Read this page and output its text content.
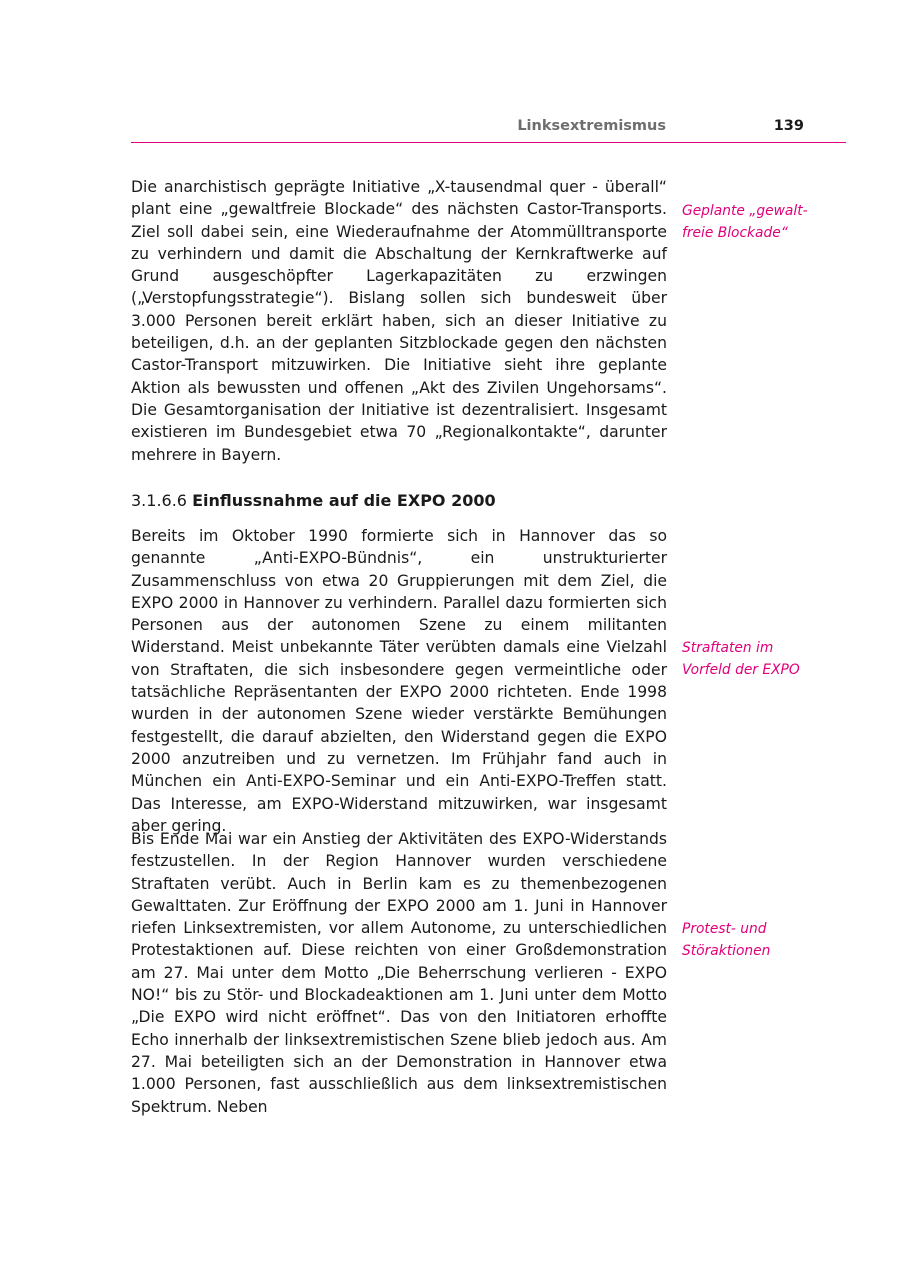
Linksextremismus	139

Die anarchistisch geprägte Initiative „X-tausendmal quer - überall“ plant eine „gewaltfreie Blockade“ des nächsten Castor-Transports. Ziel soll dabei sein, eine Wiederaufnahme der Atommülltransporte zu verhindern und damit die Abschaltung der Kernkraftwerke auf Grund ausgeschöpfter Lagerkapazitäten zu erzwingen („Verstopfungsstrategie“). Bislang sollen sich bundesweit über 3.000 Personen bereit erklärt haben, sich an dieser Initiative zu beteiligen, d.h. an der geplanten Sitzblockade gegen den nächsten Castor-Transport mitzuwirken. Die Initiative sieht ihre geplante Aktion als bewussten und offenen „Akt des Zivilen Ungehorsams“. Die Gesamtorganisation der Initiative ist dezentralisiert. Insgesamt existieren im Bundesgebiet etwa 70 „Regionalkontakte“, darunter mehrere in Bayern.

3.1.6.6 Einflussnahme auf die EXPO 2000

Bereits im Oktober 1990 formierte sich in Hannover das so genannte „Anti-EXPO-Bündnis“, ein unstrukturierter Zusammenschluss von etwa 20 Gruppierungen mit dem Ziel, die EXPO 2000 in Hannover zu verhindern. Parallel dazu formierten sich Personen aus der autonomen Szene zu einem militanten Widerstand. Meist unbekannte Täter verübten damals eine Vielzahl von Straftaten, die sich insbesondere gegen vermeintliche oder tatsächliche Repräsentanten der EXPO 2000 richteten. Ende 1998 wurden in der autonomen Szene wieder verstärkte Bemühungen festgestellt, die darauf abzielten, den Widerstand gegen die EXPO 2000 anzutreiben und zu vernetzen. Im Frühjahr fand auch in München ein Anti-EXPO-Seminar und ein Anti-EXPO-Treffen statt. Das Interesse, am EXPO-Widerstand mitzuwirken, war insgesamt aber gering.

Bis Ende Mai war ein Anstieg der Aktivitäten des EXPO-Widerstands festzustellen. In der Region Hannover wurden verschiedene Straftaten verübt. Auch in Berlin kam es zu themenbezogenen Gewalttaten. Zur Eröffnung der EXPO 2000 am 1. Juni in Hannover riefen Linksextremisten, vor allem Autonome, zu unterschiedlichen Protestaktionen auf. Diese reichten von einer Großdemonstration am 27. Mai unter dem Motto „Die Beherrschung verlieren - EXPO NO!“ bis zu Stör- und Blockadeaktionen am 1. Juni unter dem Motto „Die EXPO wird nicht eröffnet“. Das von den Initiatoren erhoffte Echo innerhalb der linksextremistischen Szene blieb jedoch aus. Am 27. Mai beteiligten sich an der Demonstration in Hannover etwa 1.000 Personen, fast ausschließlich aus dem linksextremistischen Spektrum. Neben

Geplante „gewalt-
freie Blockade“
Straftaten im
Vorfeld der EXPO
Protest- und
Störaktionen
